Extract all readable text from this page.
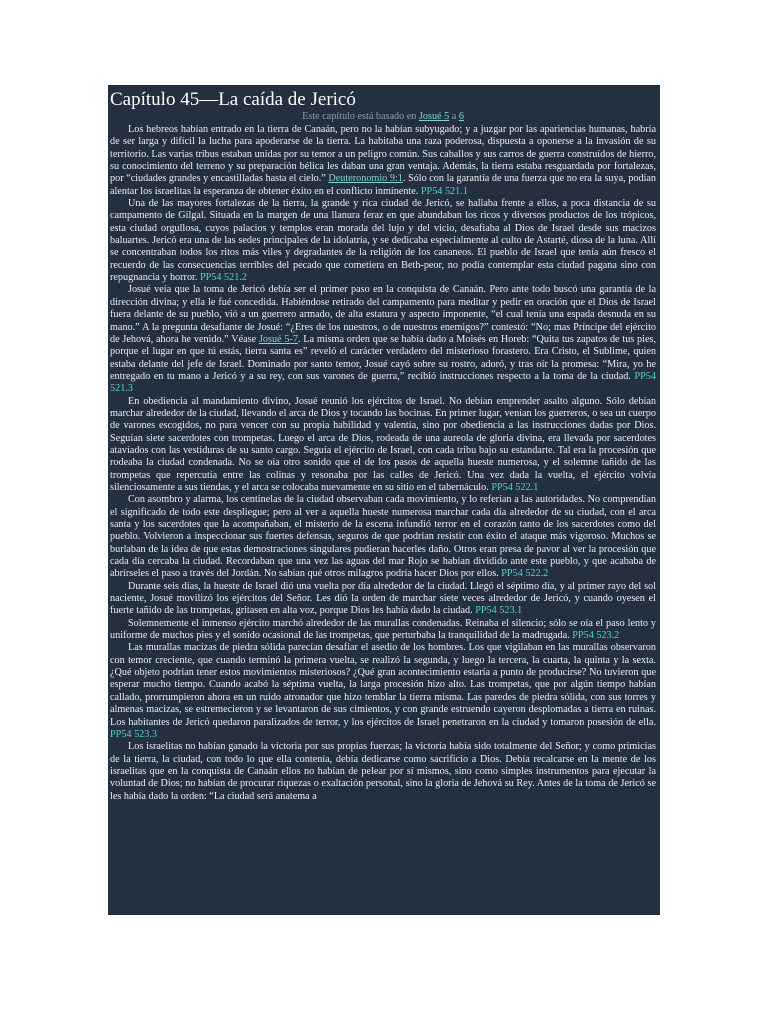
Capítulo 45—La caída de Jericó
Este capítulo está basado en Josué 5 a 6

Los hebreos habían entrado en la tierra de Canaán, pero no la habían subyugado; y a juzgar por las apariencias humanas, habría de ser larga y difícil la lucha para apoderarse de la tierra. La habitaba una raza poderosa, dispuesta a oponerse a la invasión de su territorio. Las varias tribus estaban unidas por su temor a un peligro común. Sus caballos y sus carros de guerra construídos de hierro, su conocimiento del terreno y su preparación bélica les daban una gran ventaja. Además, la tierra estaba resguardada por fortalezas, por “ciudades grandes y encastilladas hasta el cielo.” Deuteronomio 9:1. Sólo con la garantía de una fuerza que no era la suya, podían alentar los israelitas la esperanza de obtener éxito en el conflicto inminente. PP54 521.1

Una de las mayores fortalezas de la tierra, la grande y rica ciudad de Jericó, se hallaba frente a ellos, a poca distancia de su campamento de Gilgal. Situada en la margen de una llanura feraz en que abundaban los ricos y diversos productos de los trópicos, esta ciudad orgullosa, cuyos palacios y templos eran morada del lujo y del vicio, desafiaba al Dios de Israel desde sus macizos baluartes. Jericó era una de las sedes principales de la idolatría, y se dedicaba especialmente al culto de Astarté, diosa de la luna. Allí se concentraban todos los ritos más viles y degradantes de la religión de los cananeos. El pueblo de Israel que tenía aún fresco el recuerdo de las consecuencias terribles del pecado que cometiera en Beth-peor, no podía contemplar esta ciudad pagana sino con repugnancia y horror. PP54 521.2

Josué veía que la toma de Jericó debía ser el primer paso en la conquista de Canaán. Pero ante todo buscó una garantía de la dirección divina; y ella le fué concedida. Habiéndose retirado del campamento para meditar y pedir en oración que el Dios de Israel fuera delante de su pueblo, vió a un guerrero armado, de alta estatura y aspecto imponente, “el cual tenía una espada desnuda en su mano.” A la pregunta desafiante de Josué: “¿Eres de los nuestros, o de nuestros enemigos?” contestó: “No; mas Príncipe del ejército de Jehová, ahora he venido.” Véase Josué 5-7. La misma orden que se había dado a Moisés en Horeb: “Quita tus zapatos de tus pies, porque el lugar en que tú estás, tierra santa es” reveló el carácter verdadero del misterioso forastero. Era Cristo, el Sublime, quien estaba delante del jefe de Israel. Dominado por santo temor, Josué cayó sobre su rostro, adoró, y tras oír la promesa: “Mira, yo he entregado en tu mano a Jericó y a su rey, con sus varones de guerra,” recibió instrucciones respecto a la toma de la ciudad. PP54 521.3

En obediencia al mandamiento divino, Josué reunió los ejércitos de Israel. No debían emprender asalto alguno. Sólo debían marchar alrededor de la ciudad, llevando el arca de Dios y tocando las bocinas. En primer lugar, venían los guerreros, o sea un cuerpo de varones escogidos, no para vencer con su propia habilidad y valentía, sino por obediencia a las instrucciones dadas por Dios. Seguían siete sacerdotes con trompetas. Luego el arca de Dios, rodeada de una aureola de gloria divina, era llevada por sacerdotes ataviados con las vestiduras de su santo cargo. Seguía el ejército de Israel, con cada tribu bajo su estandarte. Tal era la procesión que rodeaba la ciudad condenada. No se oía otro sonido que el de los pasos de aquella hueste numerosa, y el solemne tañido de las trompetas que repercutía entre las colinas y resonaba por las calles de Jericó. Una vez dada la vuelta, el ejército volvía silenciosamente a sus tiendas, y el arca se colocaba nuevamente en su sitio en el tabernáculo. PP54 522.1

Con asombro y alarma, los centinelas de la ciudad observaban cada movimiento, y lo referían a las autoridades. No comprendían el significado de todo este despliegue; pero al ver a aquella hueste numerosa marchar cada día alrededor de su ciudad, con el arca santa y los sacerdotes que la acompañaban, el misterio de la escena infundió terror en el corazón tanto de los sacerdotes como del pueblo. Volvieron a inspeccionar sus fuertes defensas, seguros de que podrían resistir con éxito el ataque más vigoroso. Muchos se burlaban de la idea de que estas demostraciones singulares pudieran hacerles daño. Otros eran presa de pavor al ver la procesión que cada día cercaba la ciudad. Recordaban que una vez las aguas del mar Rojo se habían dividido ante este pueblo, y que acababa de abrírseles el paso a través del Jordán. No sabían qué otros milagros podría hacer Dios por ellos. PP54 522.2

Durante seis días, la hueste de Israel dió una vuelta por día alrededor de la ciudad. Llegó el séptimo día, y al primer rayo del sol naciente, Josué movilizó los ejércitos del Señor. Les dió la orden de marchar siete veces alrededor de Jericó, y cuando oyesen el fuerte tañido de las trompetas, gritasen en alta voz, porque Dios les había dado la ciudad. PP54 523.1

Solemnemente el inmenso ejército marchó alrededor de las murallas condenadas. Reinaba el silencio; sólo se oía el paso lento y uniforme de muchos pies y el sonido ocasional de las trompetas, que perturbaba la tranquilidad de la madrugada. PP54 523.2

Las murallas macizas de piedra sólida parecían desafiar el asedio de los hombres. Los que vigilaban en las murallas observaron con temor creciente, que cuando terminó la primera vuelta, se realizó la segunda, y luego la tercera, la cuarta, la quinta y la sexta. ¿Qué objeto podrían tener estos movimientos misteriosos? ¿Qué gran acontecimiento estaría a punto de producirse? No tuvieron que esperar mucho tiempo. Cuando acabó la séptima vuelta, la larga procesión hizo alto. Las trompetas, que por algún tiempo habían callado, prorrumpieron ahora en un ruido atronador que hizo temblar la tierra misma. Las paredes de piedra sólida, con sus torres y almenas macizas, se estremecieron y se levantaron de sus cimientos, y con grande estruendo cayeron desplomadas a tierra en ruinas. Los habitantes de Jericó quedaron paralizados de terror, y los ejércitos de Israel penetraron en la ciudad y tomaron posesión de ella. PP54 523.3

Los israelitas no habían ganado la victoria por sus propias fuerzas; la victoria había sido totalmente del Señor; y como primicias de la tierra, la ciudad, con todo lo que ella contenía, debía dedicarse como sacrificio a Dios. Debía recalcarse en la mente de los israelitas que en la conquista de Canaán ellos no habían de pelear por sí mismos, sino como simples instrumentos para ejecutar la voluntad de Dios; no habían de procurar riquezas o exaltación personal, sino la gloria de Jehová su Rey. Antes de la toma de Jericó se les había dado la orden: “La ciudad será anatema a
